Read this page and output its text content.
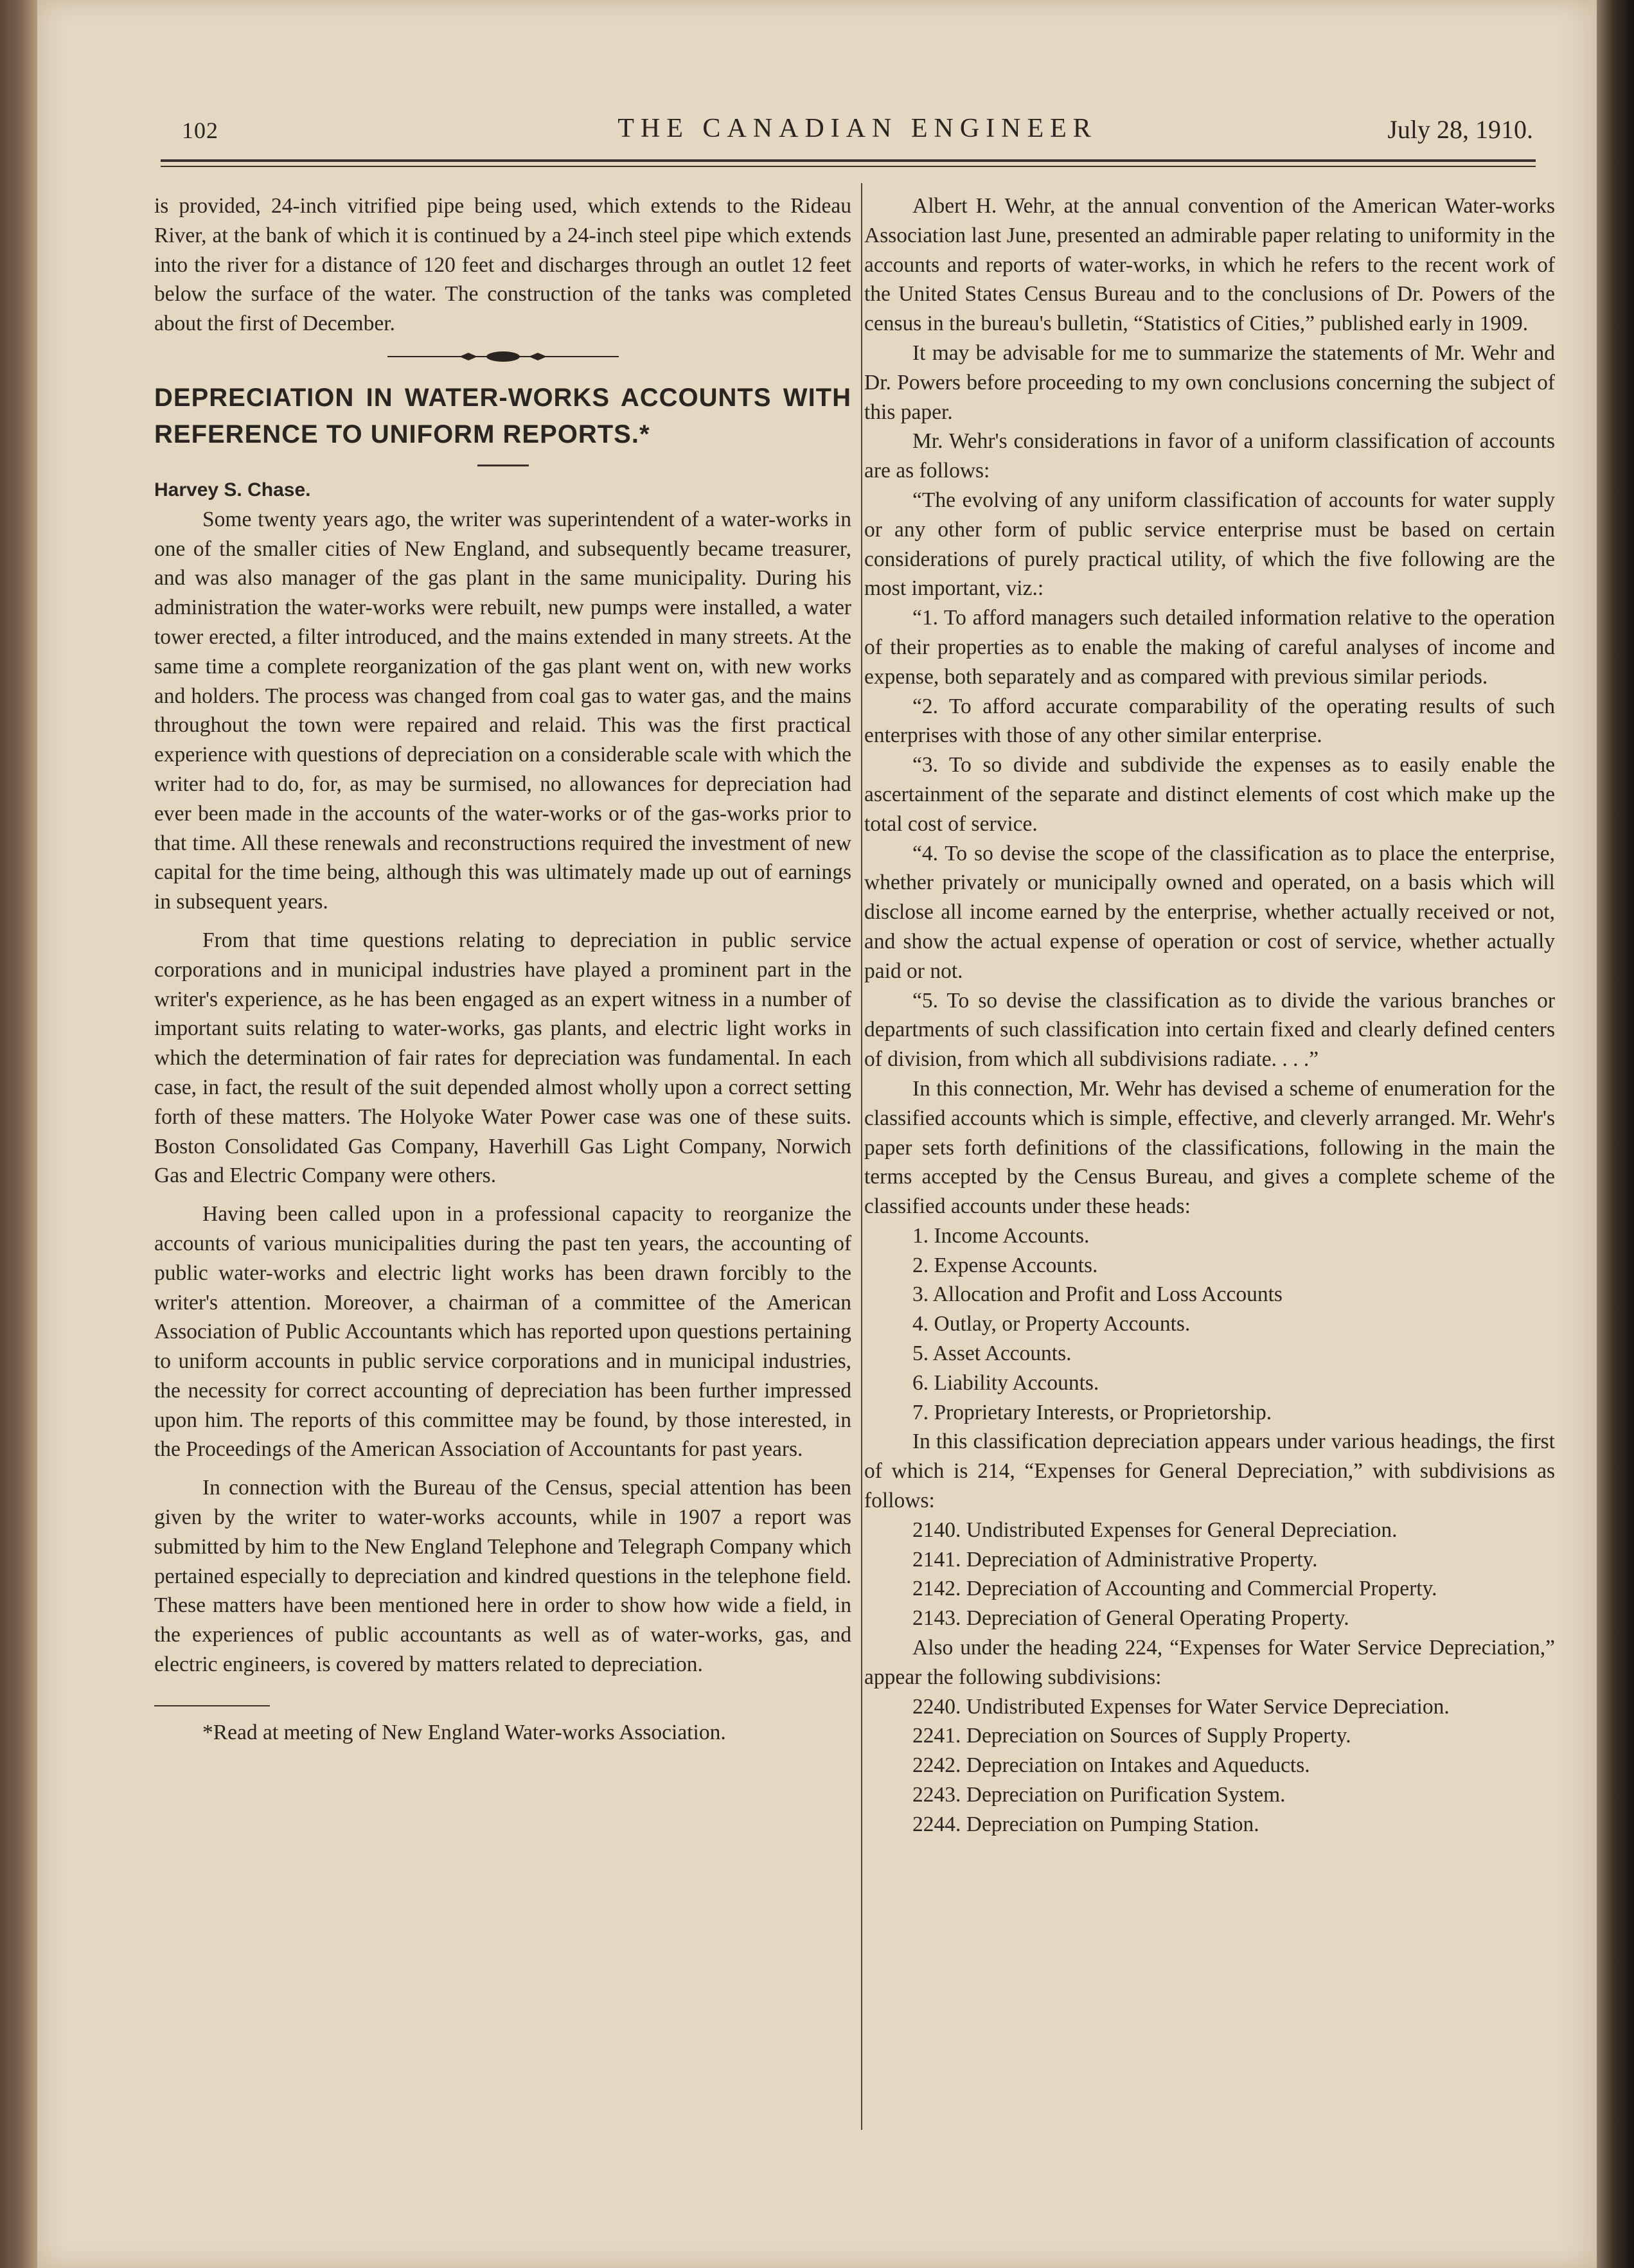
102	THE CANADIAN ENGINEER	July 28, 1910.

is provided, 24-inch vitrified pipe being used, which extends to the Rideau River, at the bank of which it is continued by a 24-inch steel pipe which extends into the river for a distance of 120 feet and discharges through an outlet 12 feet below the surface of the water. The construction of the tanks was completed about the first of December.

DEPRECIATION IN WATER-WORKS ACCOUNTS WITH REFERENCE TO UNIFORM REPORTS.*

Harvey S. Chase.

Some twenty years ago, the writer was superintendent of a water-works in one of the smaller cities of New England, and subsequently became treasurer, and was also manager of the gas plant in the same municipality. During his administration the water-works were rebuilt, new pumps were installed, a water tower erected, a filter introduced, and the mains extended in many streets. At the same time a complete reorganization of the gas plant went on, with new works and holders. The process was changed from coal gas to water gas, and the mains throughout the town were repaired and relaid. This was the first practical experience with questions of depreciation on a considerable scale with which the writer had to do, for, as may be surmised, no allowances for depreciation had ever been made in the accounts of the water-works or of the gas-works prior to that time. All these renewals and reconstructions required the investment of new capital for the time being, although this was ultimately made up out of earnings in subsequent years.

From that time questions relating to depreciation in public service corporations and in municipal industries have played a prominent part in the writer's experience, as he has been engaged as an expert witness in a number of important suits relating to water-works, gas plants, and electric light works in which the determination of fair rates for depreciation was fundamental. In each case, in fact, the result of the suit depended almost wholly upon a correct setting forth of these matters. The Holyoke Water Power case was one of these suits. Boston Consolidated Gas Company, Haverhill Gas Light Company, Norwich Gas and Electric Company were others.

Having been called upon in a professional capacity to reorganize the accounts of various municipalities during the past ten years, the accounting of public water-works and electric light works has been drawn forcibly to the writer's attention. Moreover, a chairman of a committee of the American Association of Public Accountants which has reported upon questions pertaining to uniform accounts in public service corporations and in municipal industries, the necessity for correct accounting of depreciation has been further impressed upon him. The reports of this committee may be found, by those interested, in the Proceedings of the American Association of Accountants for past years.

In connection with the Bureau of the Census, special attention has been given by the writer to water-works accounts, while in 1907 a report was submitted by him to the New England Telephone and Telegraph Company which pertained especially to depreciation and kindred questions in the telephone field. These matters have been mentioned here in order to show how wide a field, in the experiences of public accountants as well as of water-works, gas, and electric engineers, is covered by matters related to depreciation.

*Read at meeting of New England Water-works Association.

Albert H. Wehr, at the annual convention of the American Water-works Association last June, presented an admirable paper relating to uniformity in the accounts and reports of water-works, in which he refers to the recent work of the United States Census Bureau and to the conclusions of Dr. Powers of the census in the bureau's bulletin, “Statistics of Cities,” published early in 1909.

It may be advisable for me to summarize the statements of Mr. Wehr and Dr. Powers before proceeding to my own conclusions concerning the subject of this paper.

Mr. Wehr's considerations in favor of a uniform classification of accounts are as follows:

“The evolving of any uniform classification of accounts for water supply or any other form of public service enterprise must be based on certain considerations of purely practical utility, of which the five following are the most important, viz.:

“1. To afford managers such detailed information relative to the operation of their properties as to enable the making of careful analyses of income and expense, both separately and as compared with previous similar periods.

“2. To afford accurate comparability of the operating results of such enterprises with those of any other similar enterprise.

“3. To so divide and subdivide the expenses as to easily enable the ascertainment of the separate and distinct elements of cost which make up the total cost of service.

“4. To so devise the scope of the classification as to place the enterprise, whether privately or municipally owned and operated, on a basis which will disclose all income earned by the enterprise, whether actually received or not, and show the actual expense of operation or cost of service, whether actually paid or not.

“5. To so devise the classification as to divide the various branches or departments of such classification into certain fixed and clearly defined centers of division, from which all subdivisions radiate. . . .”

In this connection, Mr. Wehr has devised a scheme of enumeration for the classified accounts which is simple, effective, and cleverly arranged. Mr. Wehr's paper sets forth definitions of the classifications, following in the main the terms accepted by the Census Bureau, and gives a complete scheme of the classified accounts under these heads:

1. Income Accounts.
2. Expense Accounts.
3. Allocation and Profit and Loss Accounts
4. Outlay, or Property Accounts.
5. Asset Accounts.
6. Liability Accounts.
7. Proprietary Interests, or Proprietorship.

In this classification depreciation appears under various headings, the first of which is 214, “Expenses for General Depreciation,” with subdivisions as follows:

2140. Undistributed Expenses for General Depreciation.
2141. Depreciation of Administrative Property.
2142. Depreciation of Accounting and Commercial Property.
2143. Depreciation of General Operating Property.

Also under the heading 224, “Expenses for Water Service Depreciation,” appear the following subdivisions:

2240. Undistributed Expenses for Water Service Depreciation.
2241. Depreciation on Sources of Supply Property.
2242. Depreciation on Intakes and Aqueducts.
2243. Depreciation on Purification System.
2244. Depreciation on Pumping Station.
